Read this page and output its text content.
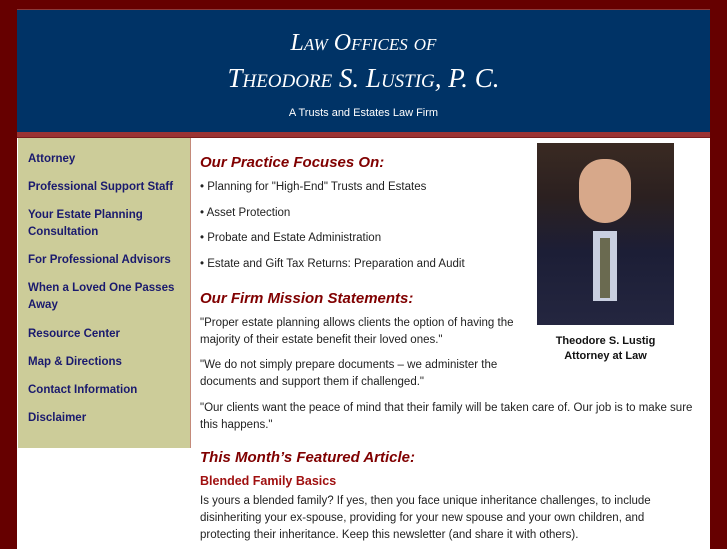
Law Offices of
Theodore S. Lustig, P. C.
A Trusts and Estates Law Firm
Attorney
Professional Support Staff
Your Estate Planning Consultation
For Professional Advisors
When a Loved One Passes Away
Resource Center
Map & Directions
Contact Information
Disclaimer
Our Practice Focuses On:
• Planning for "High-End" Trusts and Estates
• Asset Protection
• Probate and Estate Administration
• Estate and Gift Tax Returns: Preparation and Audit
Our Firm Mission Statements:
"Proper estate planning allows clients the option of having the majority of their estate benefit their loved ones."
"We do not simply prepare documents – we administer the documents and support them if challenged."
"Our clients want the peace of mind that their family will be taken care of. Our job is to make sure this happens."
This Month’s Featured Article:
Blended Family Basics
Is yours a blended family? If yes, then you face unique inheritance challenges, to include disinheriting your ex-spouse, providing for your new spouse and your own children, and protecting their inheritance. Keep this newsletter (and share it with others).
Theodore S. Lustig
Attorney at Law
